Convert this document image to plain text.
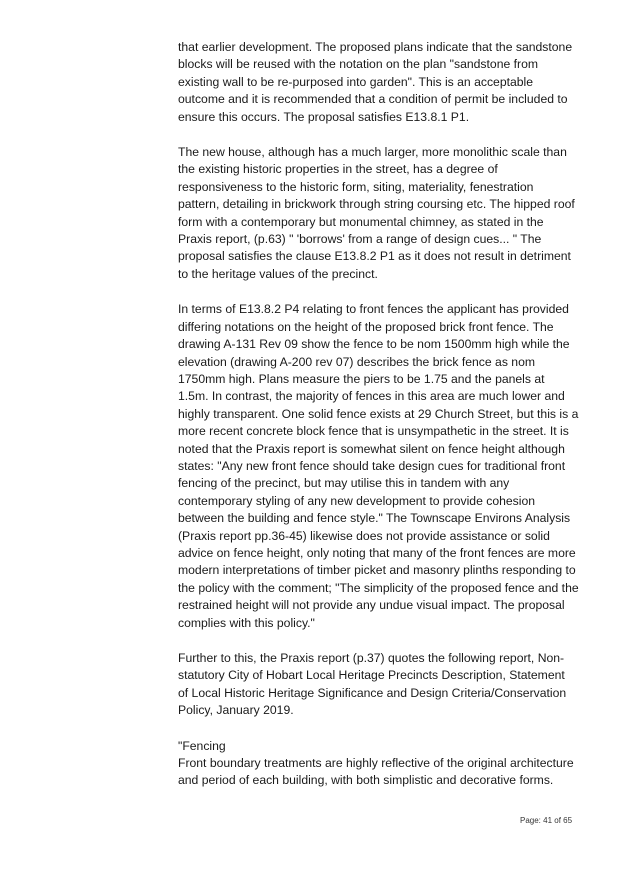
that earlier development. The proposed plans indicate that the sandstone
blocks will be reused with the notation on the plan "sandstone from
existing wall to be re-purposed into garden". This is an acceptable
outcome and it is recommended that a condition of permit be included to
ensure this occurs. The proposal satisfies E13.8.1 P1.
The new house, although has a much larger, more monolithic scale than
the existing historic properties in the street, has a degree of
responsiveness to the historic form, siting, materiality, fenestration
pattern, detailing in brickwork through string coursing etc. The hipped roof
form with a contemporary but monumental chimney, as stated in the
Praxis report, (p.63) " 'borrows' from a range of design cues... " The
proposal satisfies the clause E13.8.2 P1 as it does not result in detriment
to the heritage values of the precinct.
In terms of E13.8.2 P4 relating to front fences the applicant has provided
differing notations on the height of the proposed brick front fence. The
drawing A-131 Rev 09 show the fence to be nom 1500mm high while the
elevation (drawing A-200 rev 07) describes the brick fence as nom
1750mm high. Plans measure the piers to be 1.75 and the panels at
1.5m. In contrast, the majority of fences in this area are much lower and
highly transparent. One solid fence exists at 29 Church Street, but this is a
more recent concrete block fence that is unsympathetic in the street. It is
noted that the Praxis report is somewhat silent on fence height although
states: "Any new front fence should take design cues for traditional front
fencing of the precinct, but may utilise this in tandem with any
contemporary styling of any new development to provide cohesion
between the building and fence style." The Townscape Environs Analysis
(Praxis report pp.36-45) likewise does not provide assistance or solid
advice on fence height, only noting that many of the front fences are more
modern interpretations of timber picket and masonry plinths responding to
the policy with the comment; "The simplicity of the proposed fence and the
restrained height will not provide any undue visual impact. The proposal
complies with this policy."
Further to this, the Praxis report (p.37) quotes the following report, Non-
statutory City of Hobart Local Heritage Precincts Description, Statement
of Local Historic Heritage Significance and Design Criteria/Conservation
Policy, January 2019.
"Fencing
Front boundary treatments are highly reflective of the original architecture
and period of each building, with both simplistic and decorative forms.
Page: 41 of 65
